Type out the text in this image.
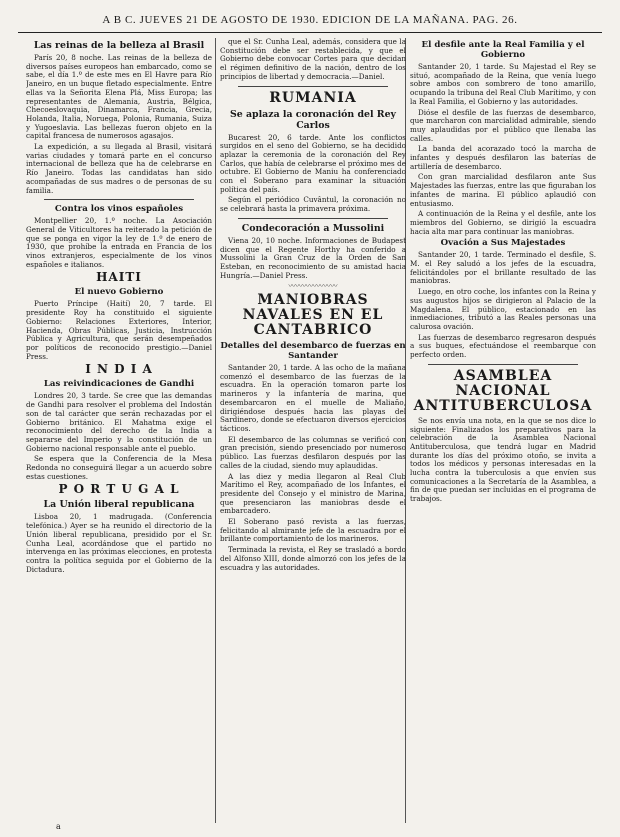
A B C. JUEVES 21 DE AGOSTO DE 1930. EDICION DE LA MAÑANA. PAG. 26.
Las reinas de la belleza al Brasil

París 20, 8 noche. Las reinas de la belleza de diversos países europeos han embarcado, como se sabe, el día 1.º de este mes en El Havre para Río Janeiro, en un buque fletado especialmente. Entre ellas va la Señorita Elena Plá, Miss Europa; las representantes de Alemania, Austria, Bélgica, Checoeslovaquia, Dinamarca, Francia, Grecia, Holanda, Italia, Noruega, Polonia, Rumania, Suiza y Yugoeslavia. Las bellezas fueron objeto en la capital francesa de numerosos agasajos.

La expedición, a su llegada al Brasil, visitará varias ciudades y tomará parte en el concurso internacional de belleza que ha de celebrarse en Río Janeiro. Todas las candidatas han sido acompañadas de sus madres o de personas de su familia.

Contra los vinos españoles

Montpellier 20, 1.º noche. La Asociación General de Viticultores ha reiterado la petición de que se ponga en vigor la ley de 1.º de enero de 1930, que prohíbe la entrada en Francia de los vinos extranjeros, especialmente de los vinos españoles e italianos.

HAITI
El nuevo Gobierno

Puerto Príncipe (Haití) 20, 7 tarde. El presidente Roy ha constituido el siguiente Gobierno: Relaciones Exteriores, Interior, Hacienda, Obras Públicas, Justicia, Instrucción Pública y Agricultura, que serán desempeñados por políticos de reconocido prestigio.—Daniel Press.

I N D I A
Las reivindicaciones de Gandhi

Londres 20, 3 tarde. Se cree que las demandas de Gandhi para resolver el problema del Indostán son de tal carácter que serán rechazadas por el Gobierno británico. El Mahatma exige el reconocimiento del derecho de la India a separarse del Imperio y la constitución de un Gobierno nacional responsable ante el pueblo.

Se espera que la Conferencia de la Mesa Redonda no conseguirá llegar a un acuerdo sobre estas cuestiones.

P O R T U G A L
La Unión liberal republicana

Lisboa 20, 1 madrugada. (Conferencia telefónica.) Ayer se ha reunido el directorio de la Unión liberal republicana, presidido por el Sr. Cunha Leal, acordándose que el partido no intervenga en las próximas elecciones, en protesta contra la política seguida por el Gobierno de la Dictadura.

que el Sr. Cunha Leal, además, considera que la Constitución debe ser restablecida, y que el Gobierno debe convocar Cortes para que decidan el régimen definitivo de la nación, dentro de los principios de libertad y democracia.—Daniel.

RUMANIA
Se aplaza la coronación del Rey Carlos

Bucarest 20, 6 tarde. Ante los conflictos surgidos en el seno del Gobierno, se ha decidido aplazar la ceremonia de la coronación del Rey Carlos, que había de celebrarse el próximo mes de octubre. El Gobierno de Maniu ha conferenciado con el Soberano para examinar la situación política del país.

Según el periódico Cuvântul, la coronación no se celebrará hasta la primavera próxima.

Condecoración a Mussolini

Viena 20, 10 noche. Informaciones de Budapest dicen que el Regente Horthy ha conferido a Mussolini la Gran Cruz de la Orden de San Esteban, en reconocimiento de su amistad hacia Hungría.—Daniel Press.

〰〰〰〰〰〰〰
MANIOBRAS NAVALES EN EL CANTABRICO
Detalles del desembarco de fuerzas en Santander

Santander 20, 1 tarde. A las ocho de la mañana comenzó el desembarco de las fuerzas de la escuadra. En la operación tomaron parte los marineros y la infantería de marina, que desembarcaron en el muelle de Maliaño, dirigiéndose después hacia las playas del Sardinero, donde se efectuaron diversos ejercicios tácticos.

El desembarco de las columnas se verificó con gran precisión, siendo presenciado por numeroso público. Las fuerzas desfilaron después por las calles de la ciudad, siendo muy aplaudidas.

A las diez y media llegaron al Real Club Marítimo el Rey, acompañado de los Infantes, el presidente del Consejo y el ministro de Marina, que presenciaron las maniobras desde el embarcadero.

El Soberano pasó revista a las fuerzas, felicitando al almirante jefe de la escuadra por el brillante comportamiento de los marineros.

Terminada la revista, el Rey se trasladó a bordo del Alfonso XIII, donde almorzó con los jefes de la escuadra y las autoridades.

El desfile ante la Real Familia y el Gobierno

Santander 20, 1 tarde. Su Majestad el Rey se situó, acompañado de la Reina, que venía luego sobre ambos con sombrero de tono amarillo, ocupando la tribuna del Real Club Marítimo, y con la Real Familia, el Gobierno y las autoridades.

Dióse el desfile de las fuerzas de desembarco, que marcharon con marcialidad admirable, siendo muy aplaudidas por el público que llenaba las calles.

La banda del acorazado tocó la marcha de infantes y después desfilaron las baterías de artillería de desembarco.

Con gran marcialidad desfilaron ante Sus Majestades las fuerzas, entre las que figuraban los infantes de marina. El público aplaudió con entusiasmo.

A continuación de la Reina y el desfile, ante los miembros del Gobierno, se dirigió la escuadra hacia alta mar para continuar las maniobras.

Ovación a Sus Majestades

Santander 20, 1 tarde. Terminado el desfile, S. M. el Rey saludó a los jefes de la escuadra, felicitándoles por el brillante resultado de las maniobras.

Luego, en otro coche, los infantes con la Reina y sus augustos hijos se dirigieron al Palacio de la Magdalena. El público, estacionado en las inmediaciones, tributó a las Reales personas una calurosa ovación.

Las fuerzas de desembarco regresaron después a sus buques, efectuándose el reembarque con perfecto orden.

ASAMBLEA NACIONAL ANTITUBERCULOSA

Se nos envía una nota, en la que se nos dice lo siguiente: Finalizados los preparativos para la celebración de la Asamblea Nacional Antituberculosa, que tendrá lugar en Madrid durante los días del próximo otoño, se invita a todos los médicos y personas interesadas en la lucha contra la tuberculosis a que envíen sus comunicaciones a la Secretaría de la Asamblea, a fin de que puedan ser incluidas en el programa de trabajos.

a
